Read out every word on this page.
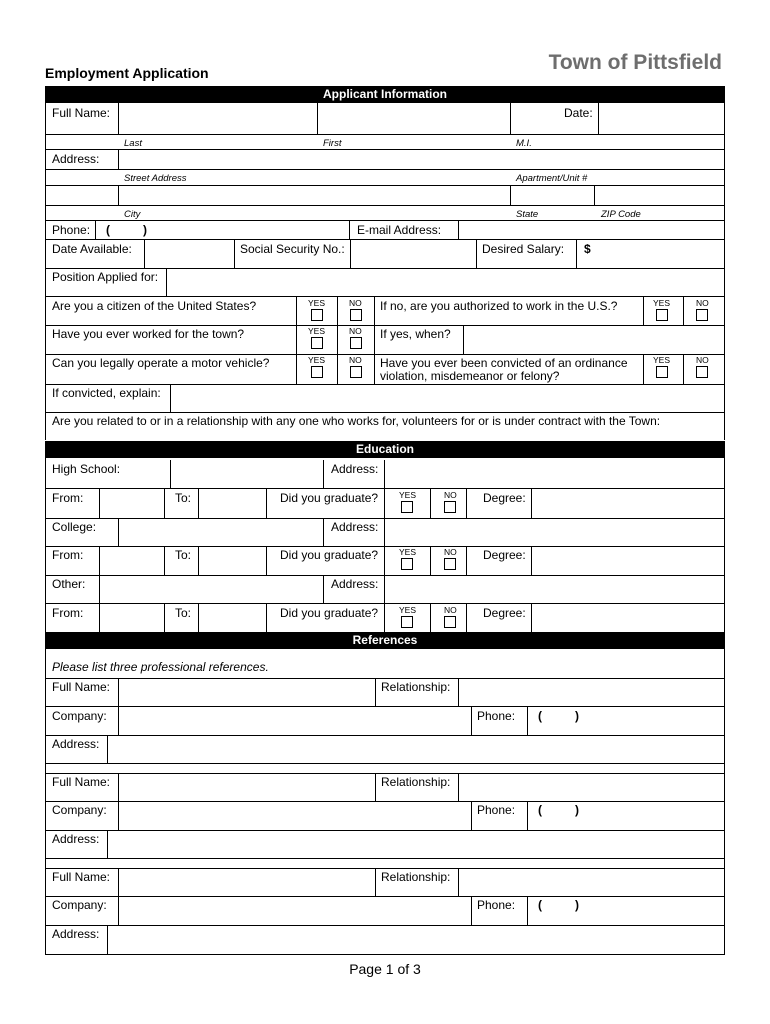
Employment Application	Town of Pittsfield
Applicant Information
Full Name:	Date:
Last	First	M.I.
Address:
Street Address	Apartment/Unit #
City	State	ZIP Code
Phone: (	)	E-mail Address:
Date Available:	Social Security No.:	Desired Salary: $
Position Applied for:
Are you a citizen of the United States?	YES	NO If no, are you authorized to work in the U.S.?	YES	NO
Have you ever worked for the town?	YES	NO If yes, when?
Can you legally operate a motor vehicle?	YES	NO Have you ever been convicted of an ordinance
violation, misdemeanor or felony?
YES	NO
If convicted, explain:
Are you related to or in a relationship with any one who works for, volunteers for or is under contract with the Town:
Education
High School:	Address:
From:	To:	Did you graduate? YES	NO Degree:
College:	Address:
From:	To:	Did you graduate? YES	NO Degree:
Other:	Address:
From:	To:	Did you graduate? YES	NO Degree:
References
Please list three professional references.
Full Name:	Relationship:
Company:	Phone: (	)
Address:
Full Name:	Relationship:
Company:	Phone: (	)
Address:
Full Name:	Relationship:
Company:	Phone: (	)
Address:
Page 1 of 3
